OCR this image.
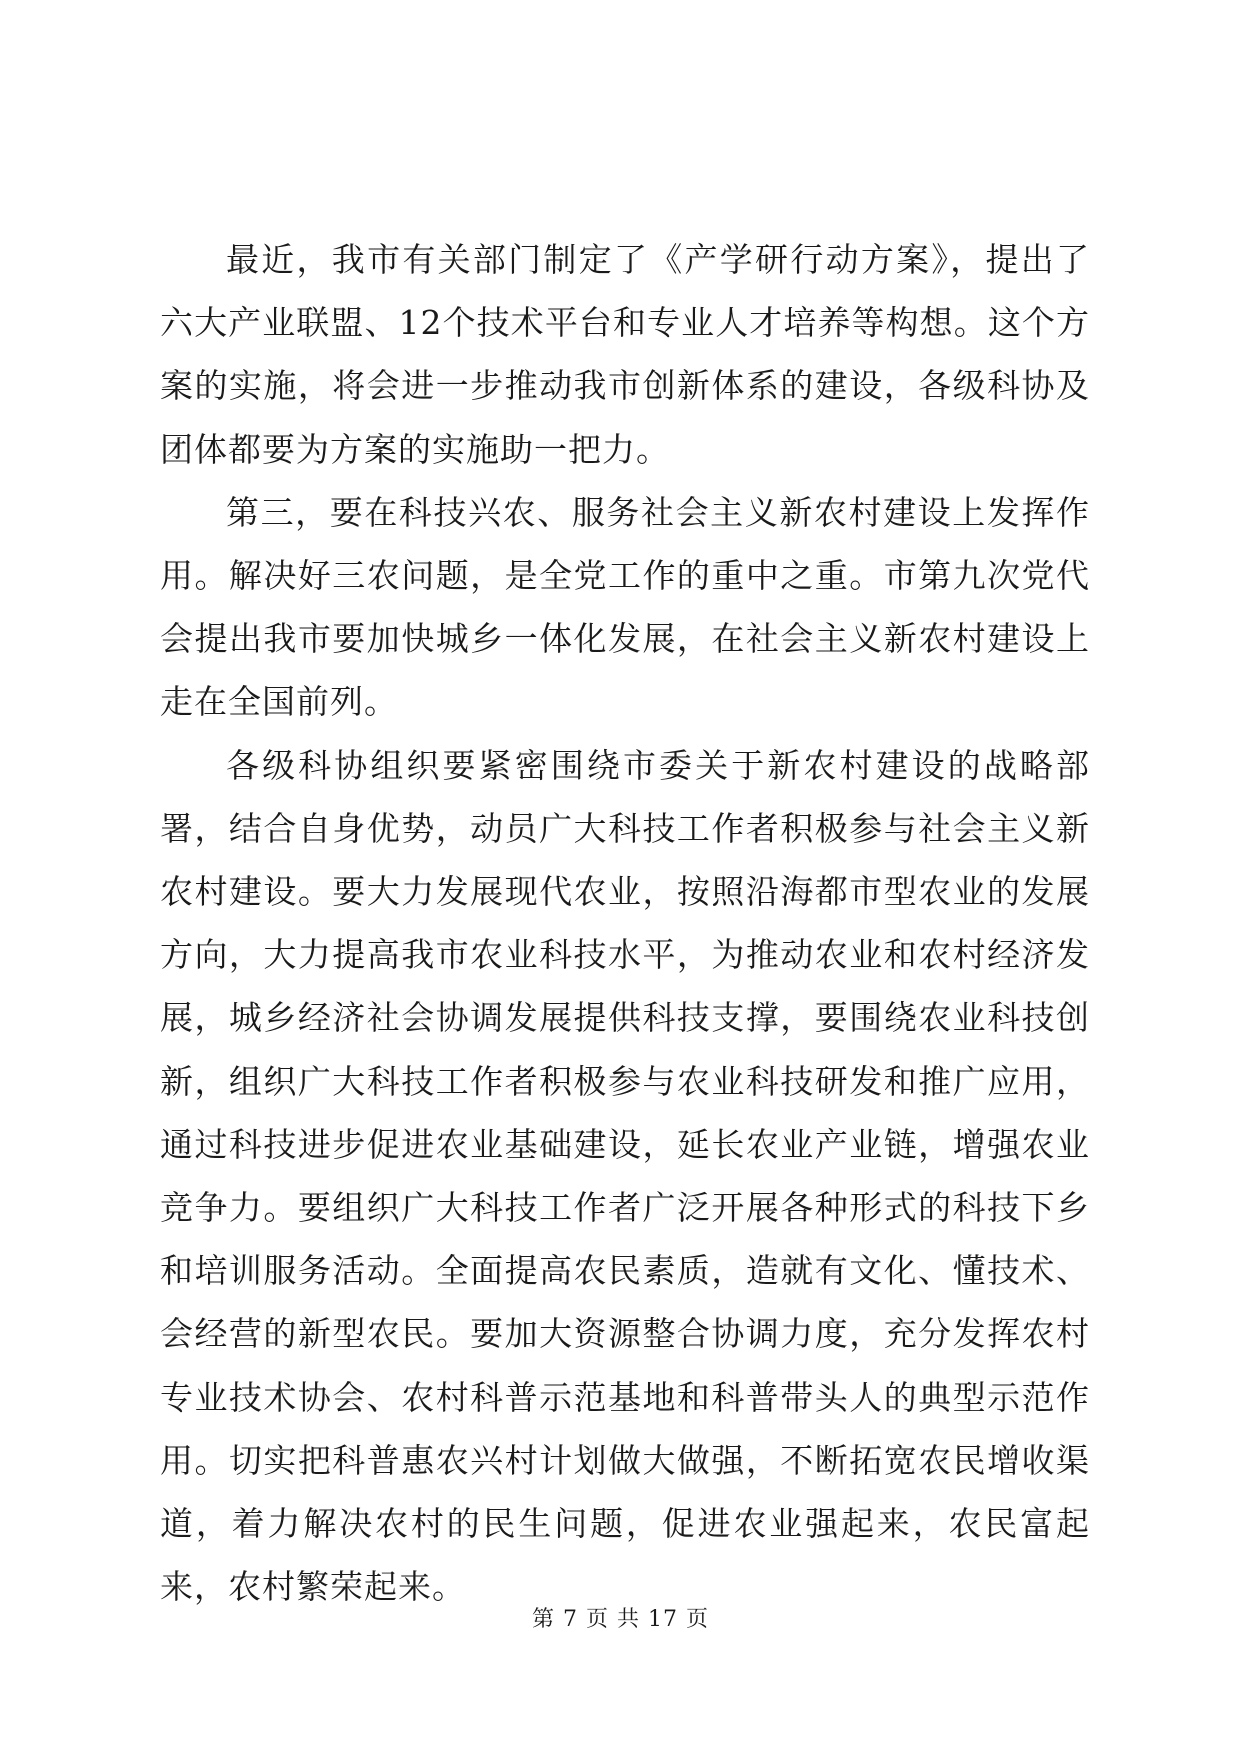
最近，我市有关部门制定了《产学研行动方案》，提出了六大产业联盟、12个技术平台和专业人才培养等构想。这个方案的实施，将会进一步推动我市创新体系的建设，各级科协及团体都要为方案的实施助一把力。

第三，要在科技兴农、服务社会主义新农村建设上发挥作用。解决好三农问题，是全党工作的重中之重。市第九次党代会提出我市要加快城乡一体化发展，在社会主义新农村建设上走在全国前列。

各级科协组织要紧密围绕市委关于新农村建设的战略部署，结合自身优势，动员广大科技工作者积极参与社会主义新农村建设。要大力发展现代农业，按照沿海都市型农业的发展方向，大力提高我市农业科技水平，为推动农业和农村经济发展，城乡经济社会协调发展提供科技支撑，要围绕农业科技创新，组织广大科技工作者积极参与农业科技研发和推广应用，通过科技进步促进农业基础建设，延长农业产业链，增强农业竞争力。要组织广大科技工作者广泛开展各种形式的科技下乡和培训服务活动。全面提高农民素质，造就有文化、懂技术、会经营的新型农民。要加大资源整合协调力度，充分发挥农村专业技术协会、农村科普示范基地和科普带头人的典型示范作用。切实把科普惠农兴村计划做大做强，不断拓宽农民增收渠道，着力解决农村的民生问题，促进农业强起来，农民富起来，农村繁荣起来。

第 7 页 共 17 页
